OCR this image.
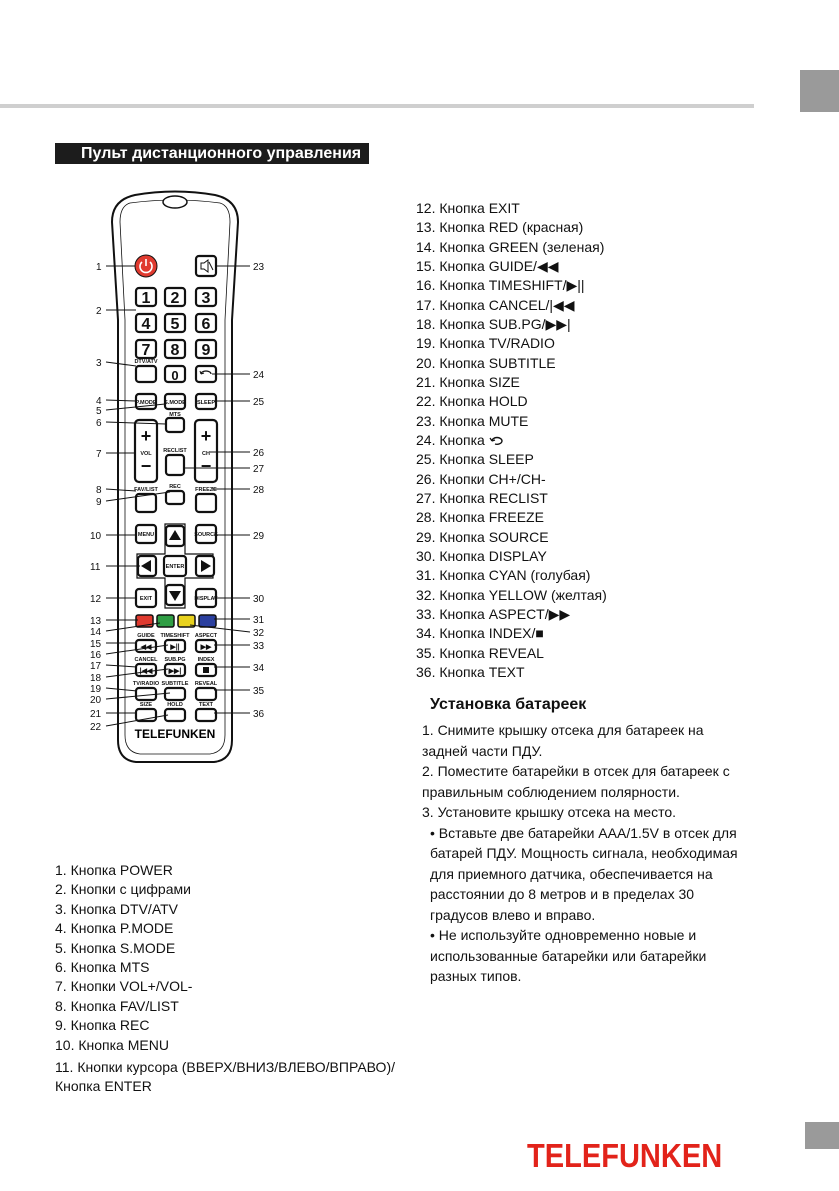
Пульт дистанционного управления
1 2 3
4 5 6
7 8 9
0
DTV/ATV
P.MODE S.MODE SLEEP
MTS
+
VOL
−
+
CH
−
RECLIST
FAV/LIST REC	FREEZE
MENU	SOURCE
ENTER
EXIT	DISPLAY
GUIDE TIMESHIFT ASPECT
◀◀	▶||	▶▶
CANCEL SUB.PG INDEX
|◀◀ ▶▶|
TV/RADIO SUBTITLE REVEAL
SIZE	HOLD	TEXT
TELEFUNKEN
1
2
3
4
5
6
7
8
9
10
11
12
13
14
15
16
17
18
19
20
21
22
23
24
25
26
27
28
29
30
31
32
33
34
35
36
12. Кнопка EXIT
13. Кнопка RED (красная)
14. Кнопка GREEN (зеленая)
15. Кнопка GUIDE/◀◀
16. Кнопка TIMESHIFT/▶||
17. Кнопка CANCEL/|◀◀
18. Кнопка SUB.PG/▶▶|
19. Кнопка TV/RADIO
20. Кнопка SUBTITLE
21. Кнопка SIZE
22. Кнопка HOLD
23. Кнопка MUTE
24. Кнопка
25. Кнопка SLEEP
26. Кнопки CH+/CH-
27. Кнопка RECLIST
28. Кнопка FREEZE
29. Кнопка SOURCE
30. Кнопка DISPLAY
31. Кнопка CYAN (голубая)
32. Кнопка YELLOW (желтая)
33. Кнопка ASPECT/▶▶
34. Кнопка INDEX/■
35. Кнопка REVEAL
36. Кнопка TEXT
Установка батареек

1. Снимите крышку отсека для батареек на задней части ПДУ.

2. Поместите батарейки в отсек для батареек с правильным соблюдением полярности.

3. Установите крышку отсека на место.

• Вставьте две батарейки AAA/1.5V в отсек для батарей ПДУ. Мощность сигнала, необходимая для приемного датчика, обеспечивается на расстоянии до 8 метров и в пределах 30 градусов влево и вправо.

• Не используйте одновременно новые и использованные батарейки или батарейки разных типов.

1. Кнопка POWER
2. Кнопки с цифрами
3. Кнопка DTV/ATV
4. Кнопка P.MODE
5. Кнопка S.MODE
6. Кнопка MTS
7. Кнопки VOL+/VOL-
8. Кнопка FAV/LIST
9. Кнопка REC
10. Кнопка MENU
11. Кнопки курсора (ВВЕРХ/ВНИЗ/ВЛЕВО/ВПРАВО)/Кнопка ENTER
TELEFUNKEN
